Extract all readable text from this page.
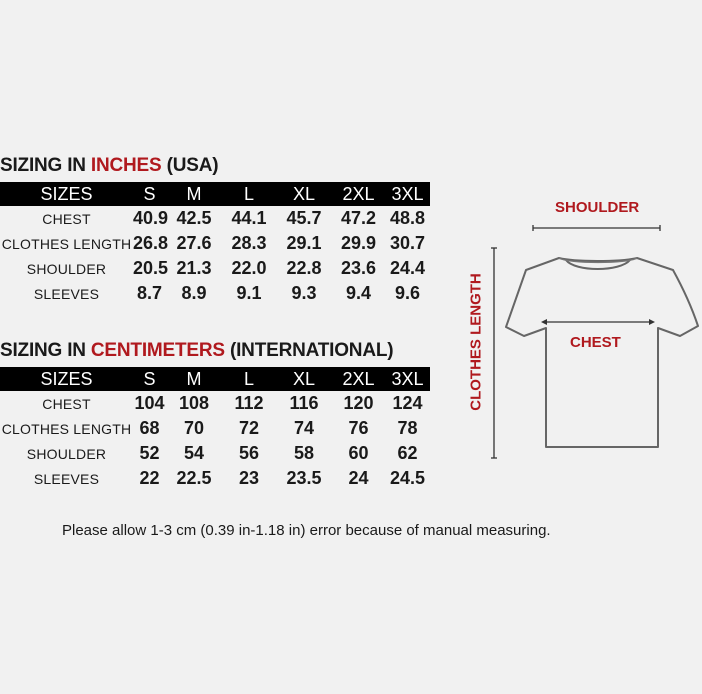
SIZING IN INCHES (USA)
SIZES	S	M	L	XL	2XL	3XL
CHEST	40.9	42.5	44.1	45.7	47.2	48.8
CLOTHES LENGTH	26.8	27.6	28.3	29.1	29.9	30.7
SHOULDER	20.5	21.3	22.0	22.8	23.6	24.4
SLEEVES	8.7	8.9	9.1	9.3	9.4	9.6
SIZING IN CENTIMETERS (INTERNATIONAL)
SIZES	S	M	L	XL	2XL	3XL
CHEST	104	108	112	116	120	124
CLOTHES LENGTH	68	70	72	74	76	78
SHOULDER	52	54	56	58	60	62
SLEEVES	22	22.5	23	23.5	24	24.5
SHOULDER
CHEST
CLOTHES LENGTH
Please allow 1-3 cm (0.39 in-1.18 in) error because of manual measuring.
